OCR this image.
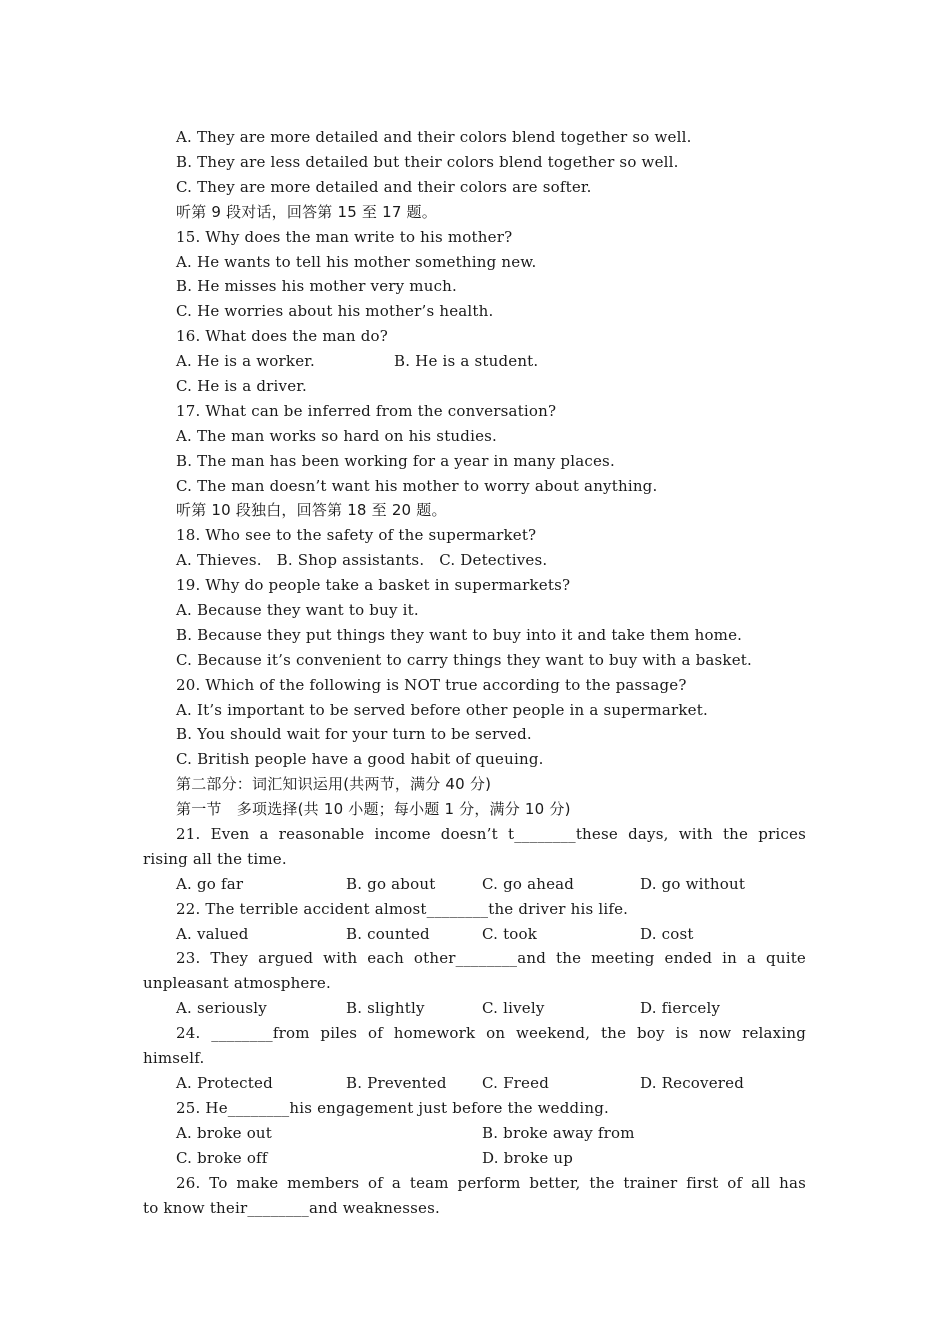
A. They are more detailed and their colors blend together so well.
B. They are less detailed but their colors blend together so well.
C. They are more detailed and their colors are softer.
听第 9 段对话，回答第 15 至 17 题。
15. Why does the man write to his mother?
A. He wants to tell his mother something new.
B. He misses his mother very much.
C. He worries about his mother’s health.
16. What does the man do?
A. He is a worker.	B. He is a student.
C. He is a driver.
17. What can be inferred from the conversation?
A. The man works so hard on his studies.
B. The man has been working for a year in many places.
C. The man doesn’t want his mother to worry about anything.
听第 10 段独白，回答第 18 至 20 题。
18. Who see to the safety of the supermarket?
A. Thieves.   B. Shop assistants.   C. Detectives.
19. Why do people take a basket in supermarkets?
A. Because they want to buy it.
B. Because they put things they want to buy into it and take them home.
C. Because it’s convenient to carry things they want to buy with a basket.
20. Which of the following is NOT true according to the passage?
A. It’s important to be served before other people in a supermarket.
B. You should wait for your turn to be served.
C. British people have a good habit of queuing.
第二部分：词汇知识运用(共两节，满分 40 分)
第一节　多项选择(共 10 小题；每小题 1 分，满分 10 分)
21. Even a reasonable income doesn’t t________these days, with the prices
rising all the time.
A. go far	B. go about	C. go ahead	D. go without
22. The terrible accident almost________the driver his life.
A. valued	B. counted	C. took	D. cost
23. They argued with each other________and the meeting ended in a quite
unpleasant atmosphere.
A. seriously	B. slightly	C. lively	D. fiercely
24. ________from piles of homework on weekend, the boy is now relaxing
himself.
A. Protected	B. Prevented C. Freed	D. Recovered
25. He________his engagement just before the wedding.
A. broke out	B. broke away from
C. broke off	D. broke up
26. To make members of a team perform better, the trainer first of all has
to know their________and weaknesses.
